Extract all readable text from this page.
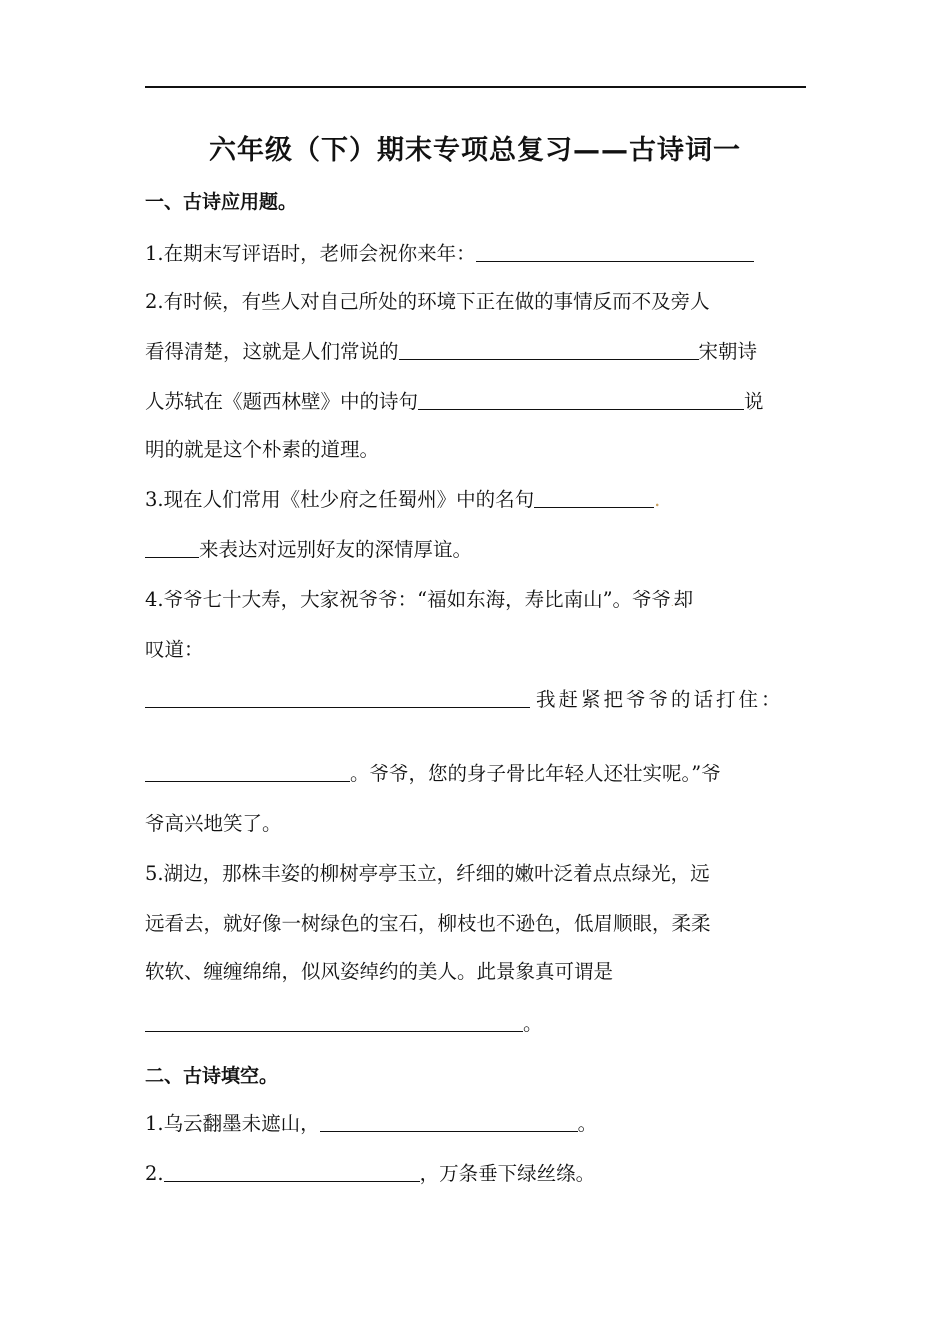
六年级（下）期末专项总复习——古诗词一
一、古诗应用题。
1.在期末写评语时，老师会祝你来年：
2.有时候，有些人对自己所处的环境下正在做的事情反而不及旁人
看得清楚，这就是人们常说的	宋朝诗
人苏轼在《题西林壁》中的诗句	说
明的就是这个朴素的道理。
3.现在人们常用《杜少府之任蜀州》中的名句	.
来表达对远别好友的深情厚谊。
4.爷爷七十大寿，大家祝爷爷：“福如东海，寿比南山”。爷爷.却
叹道：
我赶紧把爷爷的话打住：
。爷爷，您的身子骨比年轻人还壮实呢。”爷
爷高兴地笑了。
5.湖边，那株丰姿的柳树亭亭玉立，纤细的嫩叶泛着点点绿光，远
远看去，就好像一树绿色的宝石，柳枝也不逊色，低眉顺眼，柔柔
软软、缠缠绵绵，似风姿绰约的美人。此景象真可谓是
。
二、古诗填空。
1.乌云翻墨未遮山，	。
2.	，万条垂下绿丝绦。
